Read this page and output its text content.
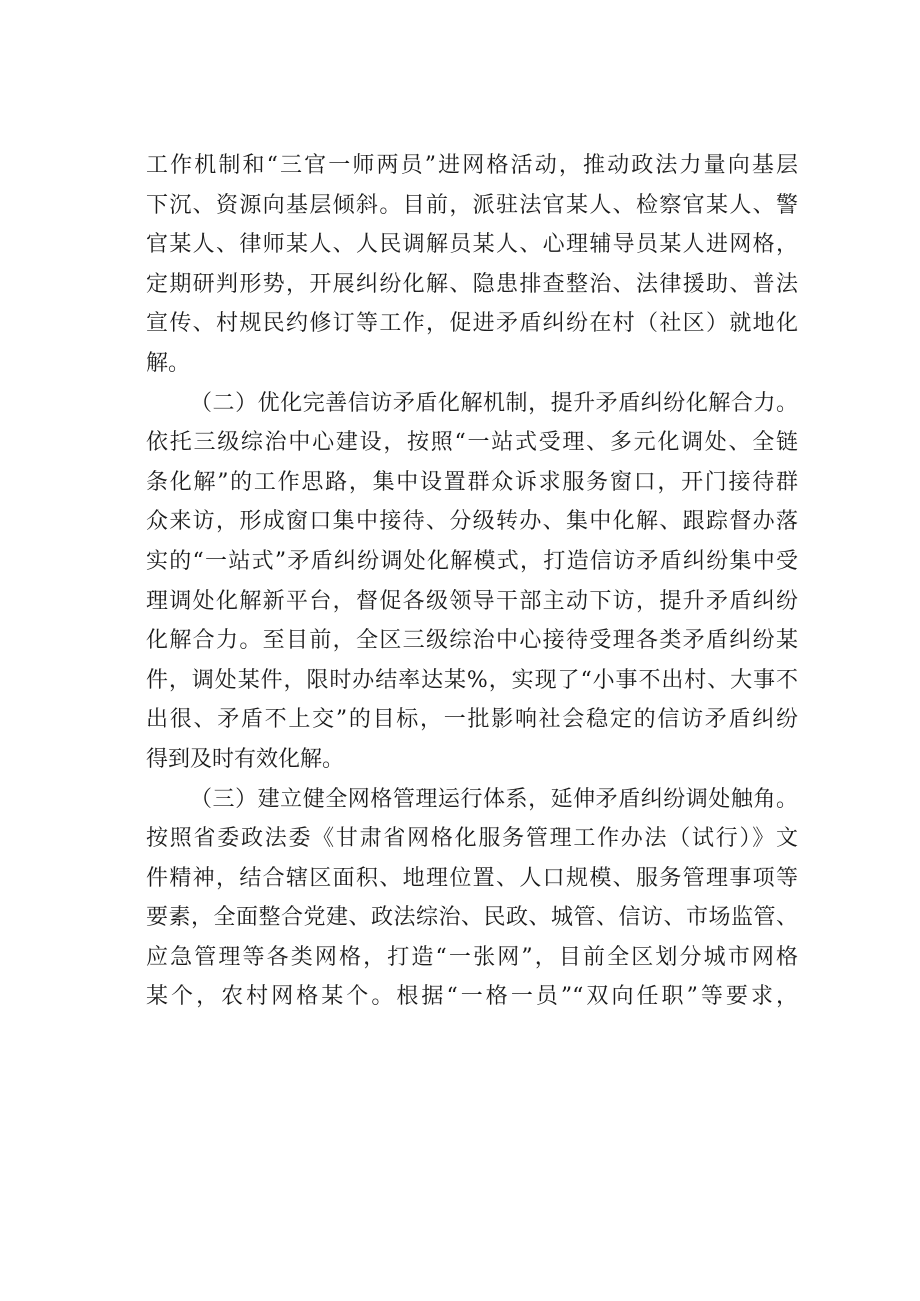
工作机制和“三官一师两员”进网格活动，推动政法力量向基层
下沉、资源向基层倾斜。目前，派驻法官某人、检察官某人、警
官某人、律师某人、人民调解员某人、心理辅导员某人进网格，
定期研判形势，开展纠纷化解、隐患排查整治、法律援助、普法
宣传、村规民约修订等工作，促进矛盾纠纷在村（社区）就地化
解。
（二）优化完善信访矛盾化解机制，提升矛盾纠纷化解合力。
依托三级综治中心建设，按照“一站式受理、多元化调处、全链
条化解”的工作思路，集中设置群众诉求服务窗口，开门接待群
众来访，形成窗口集中接待、分级转办、集中化解、跟踪督办落
实的“一站式”矛盾纠纷调处化解模式，打造信访矛盾纠纷集中受
理调处化解新平台，督促各级领导干部主动下访，提升矛盾纠纷
化解合力。至目前，全区三级综治中心接待受理各类矛盾纠纷某
件，调处某件，限时办结率达某%，实现了“小事不出村、大事不
出很、矛盾不上交”的目标，一批影响社会稳定的信访矛盾纠纷
得到及时有效化解。
（三）建立健全网格管理运行体系，延伸矛盾纠纷调处触角。
按照省委政法委《甘肃省网格化服务管理工作办法（试行）》文
件精神，结合辖区面积、地理位置、人口规模、服务管理事项等
要素，全面整合党建、政法综治、民政、城管、信访、市场监管、
应急管理等各类网格，打造“一张网”，目前全区划分城市网格
某个，农村网格某个。根据“一格一员”“双向任职”等要求，
